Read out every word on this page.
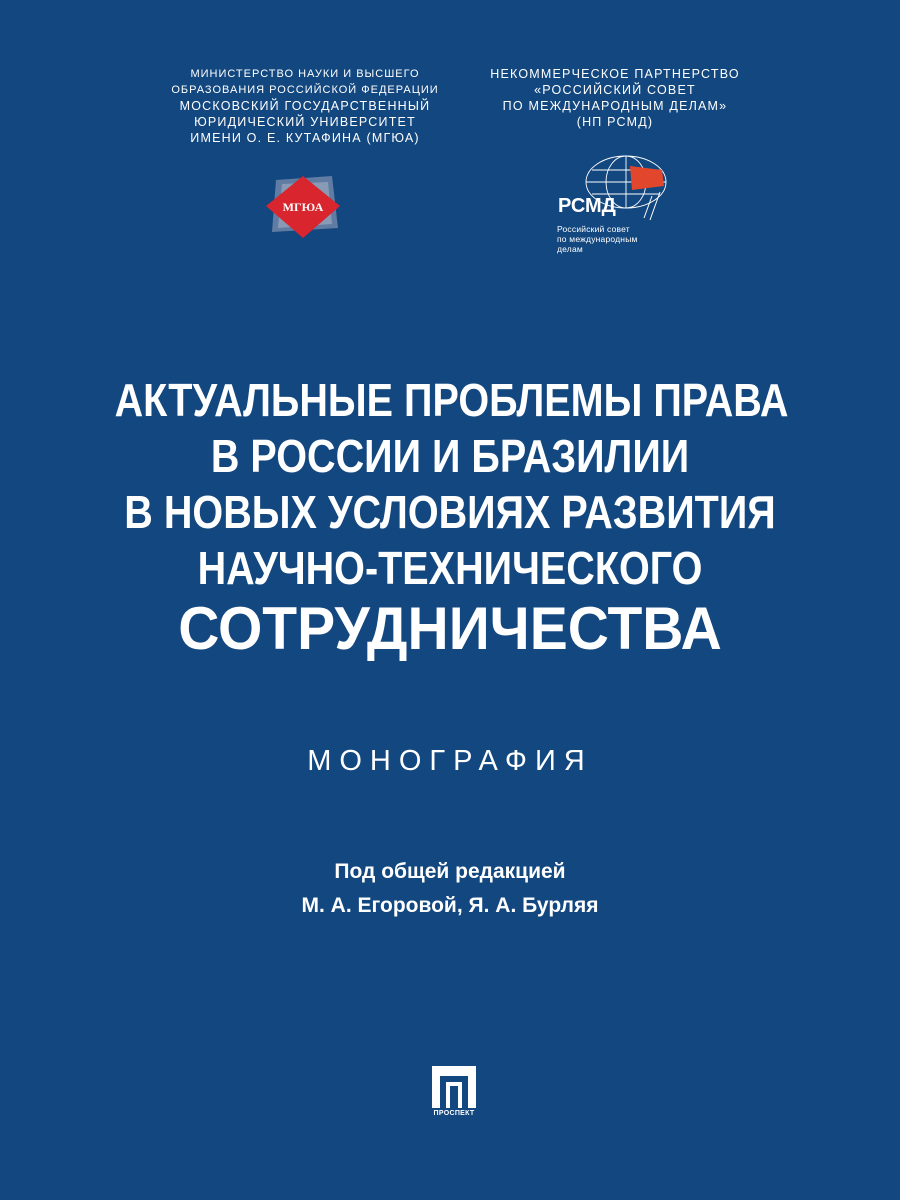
МИНИСТЕРСТВО НАУКИ И ВЫСШЕГО
ОБРАЗОВАНИЯ РОССИЙСКОЙ ФЕДЕРАЦИИ
МОСКОВСКИЙ ГОСУДАРСТВЕННЫЙ
ЮРИДИЧЕСКИЙ УНИВЕРСИТЕТ
ИМЕНИ О. Е. КУТАФИНА (МГЮА)
НЕКОММЕРЧЕСКОЕ ПАРТНЕРСТВО
«РОССИЙСКИЙ СОВЕТ
ПО МЕЖДУНАРОДНЫМ ДЕЛАМ»
(НП РСМД)
МГЮА	РСМД
Российский совет
по международным
делам
АКТУАЛЬНЫЕ ПРОБЛЕМЫ ПРАВА
В РОССИИ И БРАЗИЛИИ
В НОВЫХ УСЛОВИЯХ РАЗВИТИЯ
НАУЧНО-ТЕХНИЧЕСКОГО
СОТРУДНИЧЕСТВА
МОНОГРАФИЯ
Под общей редакцией
М. А. Егоровой, Я. А. Бурляя
ПРОСПЕКТ
